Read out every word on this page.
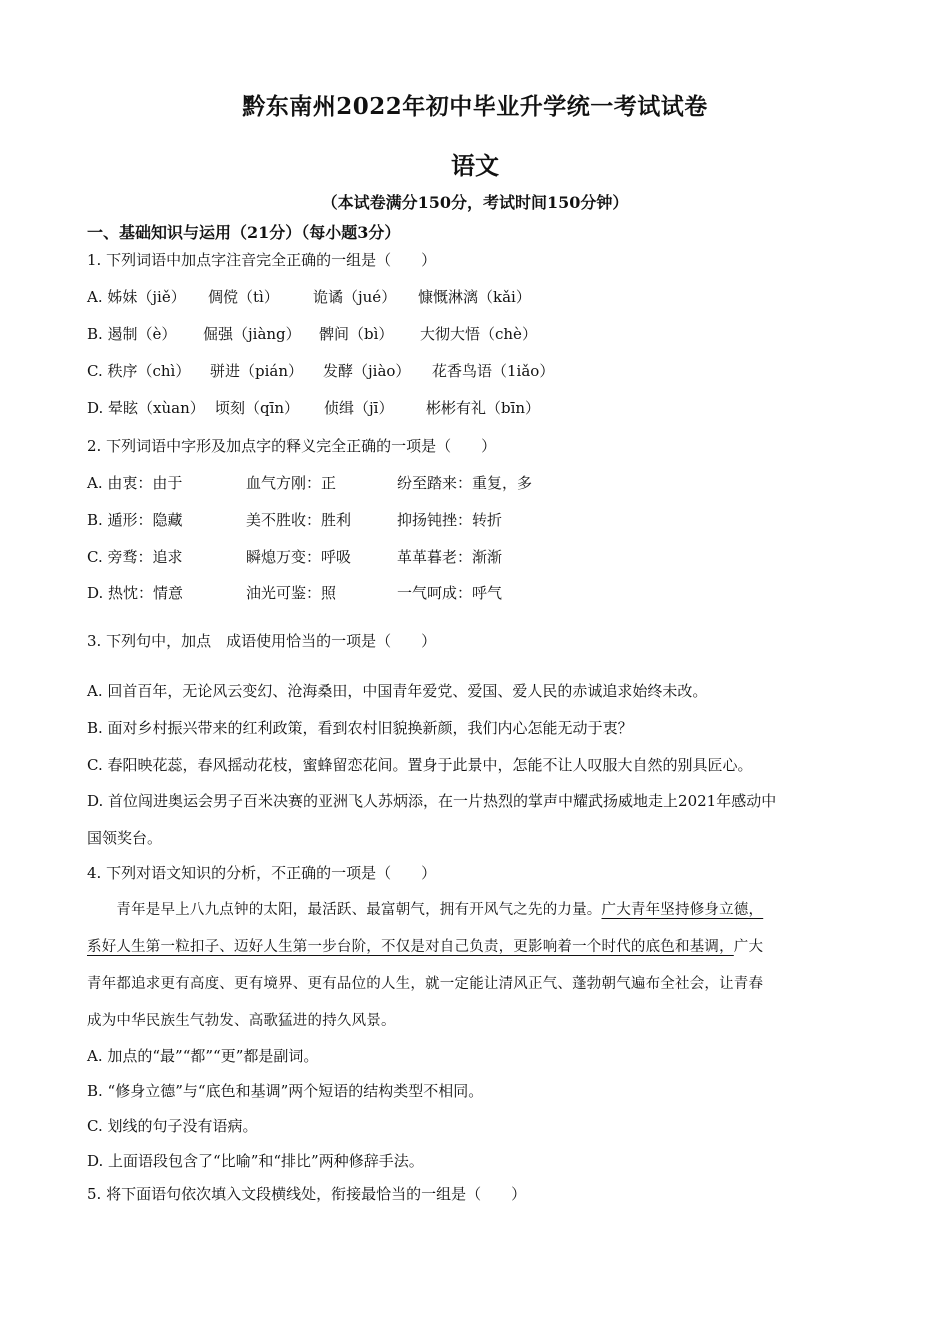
黔东南州2022年初中毕业升学统一考试试卷
语文
（本试卷满分150分，考试时间150分钟）
一、基础知识与运用（21分）（每小题3分）
1. 下列词语中加点字注音完全正确的一组是（　　）
A. 姊妹（jiě） 倜傥（tì） 诡谲（jué） 慷慨淋漓（kǎi）
B. 遏制（è） 倔强（jiàng） 髀间（bì） 大彻大悟（chè）
C. 秩序（chì） 骈进（pián） 发酵（jiào） 花香鸟语（1iǎo）
D. 晕眩（xùan） 顷刻（qīn） 侦缉（jī） 彬彬有礼（bīn）
2. 下列词语中字形及加点字的释义完全正确的一项是（　　）
A. 由衷：由于	血气方刚：正	纷至踏来：重复，多
B. 遁形：隐藏	美不胜收：胜利	抑扬钝挫：转折
C. 旁骛：追求	瞬熄万变：呼吸	革革暮老：渐渐
D. 热忱：情意	油光可鉴：照	一气呵成：呼气
3. 下列句中，加点　成语使用恰当的一项是（　　）
A. 回首百年，无论风云变幻、沧海桑田，中国青年爱党、爱国、爱人民的赤诚追求始终未改。
B. 面对乡村振兴带来的红利政策，看到农村旧貌换新颜，我们内心怎能无动于衷？
C. 春阳映花蕊，春风摇动花枝，蜜蜂留恋花间。置身于此景中，怎能不让人叹服大自然的别具匠心。
D. 首位闯进奥运会男子百米决赛的亚洲飞人苏炳添，在一片热烈的掌声中耀武扬威地走上2021年感动中
国领奖台。
4. 下列对语文知识的分析，不正确的一项是（　　）
　　青年是早上八九点钟的太阳，最活跃、最富朝气，拥有开风气之先的力量。广大青年坚持修身立德，
系好人生第一粒扣子、迈好人生第一步台阶，不仅是对自己负责，更影响着一个时代的底色和基调，广大
青年都追求更有高度、更有境界、更有品位的人生，就一定能让清风正气、蓬勃朝气遍布全社会，让青春
成为中华民族生气勃发、高歌猛进的持久风景。
A. 加点的“最”“都”“更”都是副词。
B. “修身立德”与“底色和基调”两个短语的结构类型不相同。
C. 划线的句子没有语病。
D. 上面语段包含了“比喻”和“排比”两种修辞手法。
5. 将下面语句依次填入文段横线处，衔接最恰当的一组是（　　）
